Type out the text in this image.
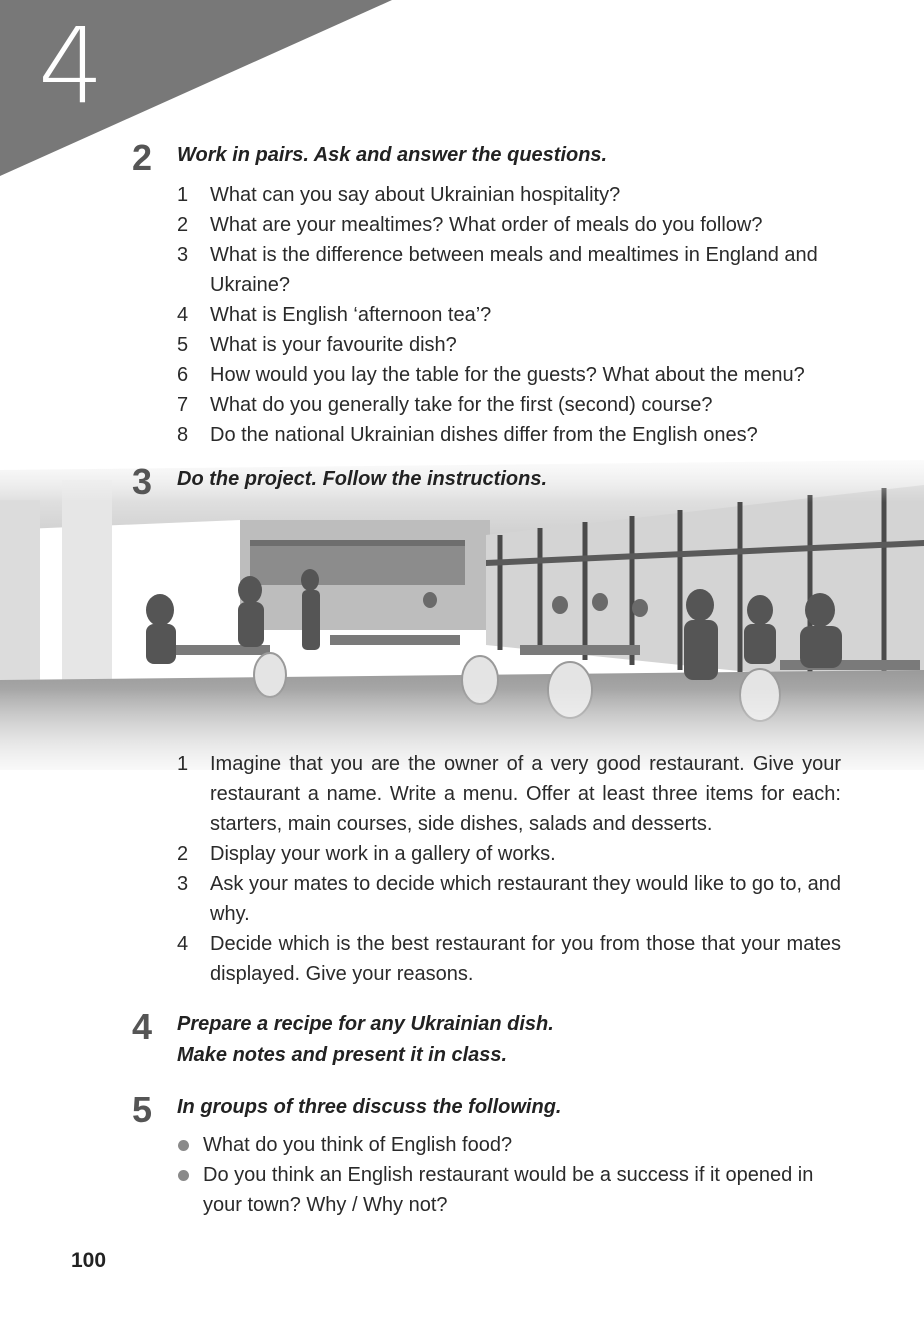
4
2 Work in pairs. Ask and answer the questions.
1 What can you say about Ukrainian hospitality?
2 What are your mealtimes? What order of meals do you follow?
3 What is the difference between meals and mealtimes in England and Ukraine?
4 What is English ‘afternoon tea’?
5 What is your favourite dish?
6 How would you lay the table for the guests? What about the menu?
7 What do you generally take for the first (second) course?
8 Do the national Ukrainian dishes differ from the English ones?
3 Do the project. Follow the instructions.
1 Imagine that you are the owner of a very good restaurant. Give your restaurant a name. Write a menu. Offer at least three items for each: starters, main courses, side dishes, salads and desserts.
2 Display your work in a gallery of works.
3 Ask your mates to decide which restaurant they would like to go to, and why.
4 Decide which is the best restaurant for you from those that your mates displayed. Give your reasons.
4 Prepare a recipe for any Ukrainian dish.
Make notes and present it in class.
5 In groups of three discuss the following.
What do you think of English food?
Do you think an English restaurant would be a success if it opened in your town? Why / Why not?
100
